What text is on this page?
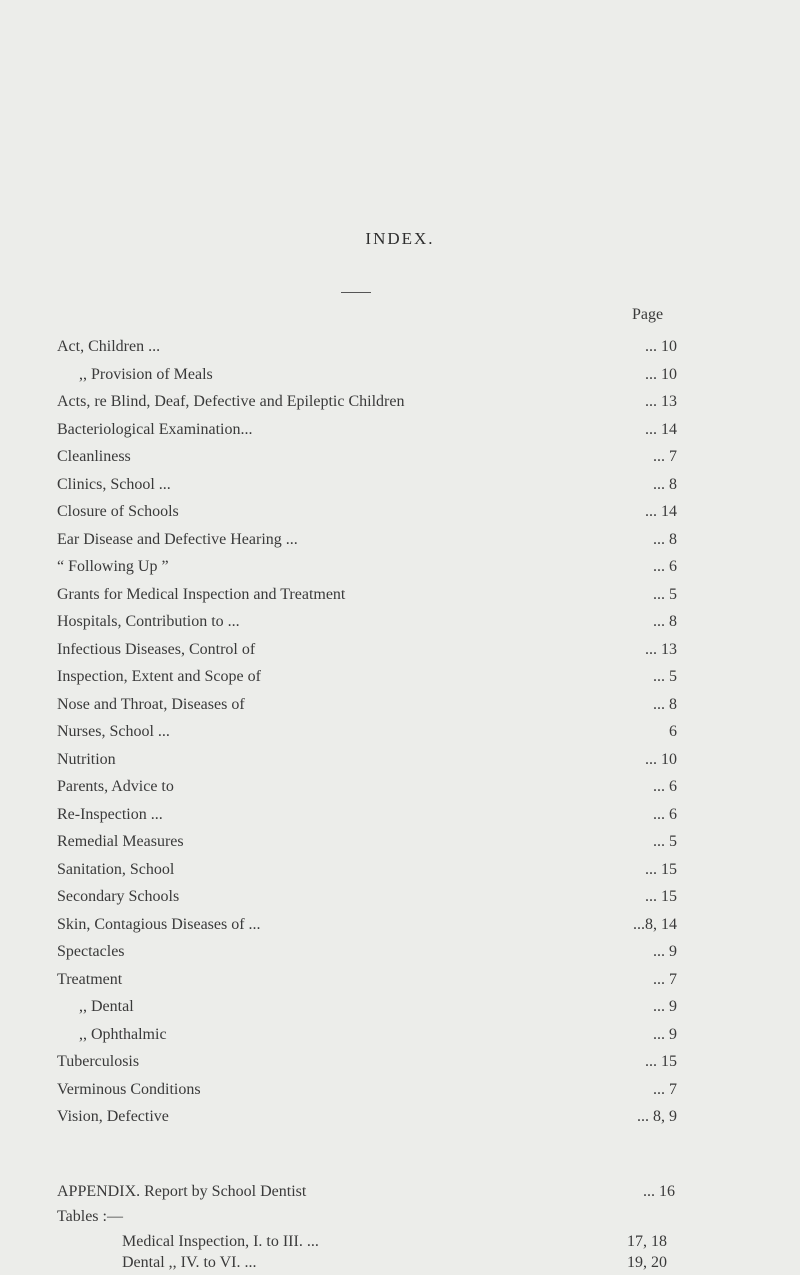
INDEX.
Page
Act, Children ...	... 10
,, Provision of Meals	... 10
Acts, re Blind, Deaf, Defective and Epileptic Children	... 13
Bacteriological Examination...	... 14
Cleanliness	... 7
Clinics, School ...	... 8
Closure of Schools	... 14
Ear Disease and Defective Hearing ...	... 8
“ Following Up ”	... 6
Grants for Medical Inspection and Treatment	... 5
Hospitals, Contribution to ...	... 8
Infectious Diseases, Control of	... 13
Inspection, Extent and Scope of	... 5
Nose and Throat, Diseases of	... 8
Nurses, School ...	6
Nutrition	... 10
Parents, Advice to	... 6
Re-Inspection ...	... 6
Remedial Measures	... 5
Sanitation, School	... 15
Secondary Schools	... 15
Skin, Contagious Diseases of ...	...8, 14
Spectacles	... 9
Treatment	... 7
,, Dental	... 9
,, Ophthalmic	... 9
Tuberculosis	... 15
Verminous Conditions	... 7
Vision, Defective	... 8, 9
APPENDIX. Report by School Dentist	... 16
Tables :—
Medical Inspection, I. to III. ...	17, 18
Dental ,, IV. to VI. ...	19, 20
